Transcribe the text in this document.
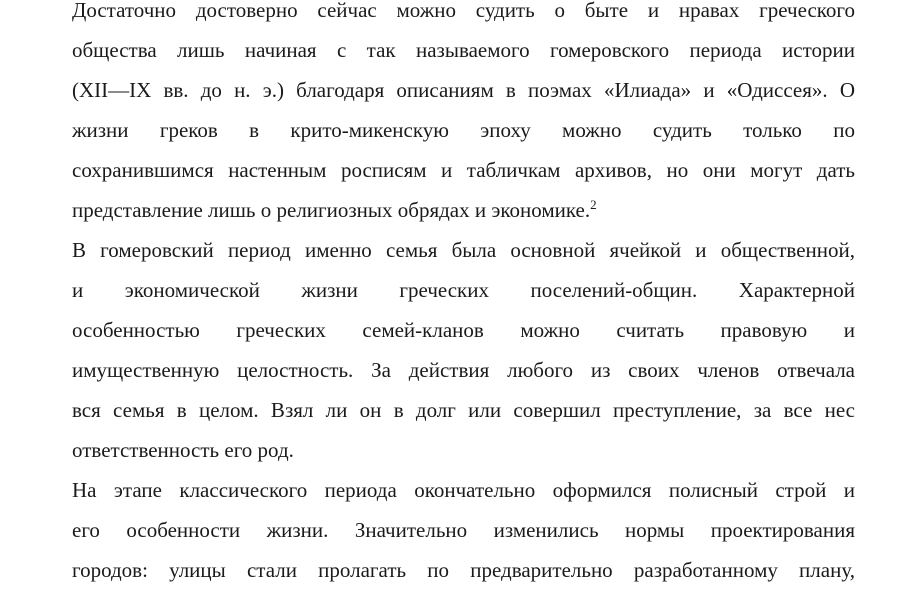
Достаточно достоверно сейчас можно судить о быте и нравах греческого
общества лишь начиная с так называемого гомеровского периода истории
(XII—IX вв. до н. э.) благодаря описаниям в поэмах «Илиада» и «Одиссея». О
жизни греков в крито-микенскую эпоху можно судить только по
сохранившимся настенным росписям и табличкам архивов, но они могут дать
представление лишь о религиозных обрядах и экономике.$^2$
В гомеровский период именно семья была основной ячейкой и общественной,
и экономической жизни греческих поселений-общин. Характерной
особенностью греческих семей-кланов можно считать правовую и
имущественную целостность. За действия любого из своих членов отвечала
вся семья в целом. Взял ли он в долг или совершил преступление, за все нес
ответственность его род.
На этапе классического периода окончательно оформился полисный строй и
его особенности жизни. Значительно изменились нормы проектирования
городов: улицы стали пролагать по предварительно разработанному плану,
